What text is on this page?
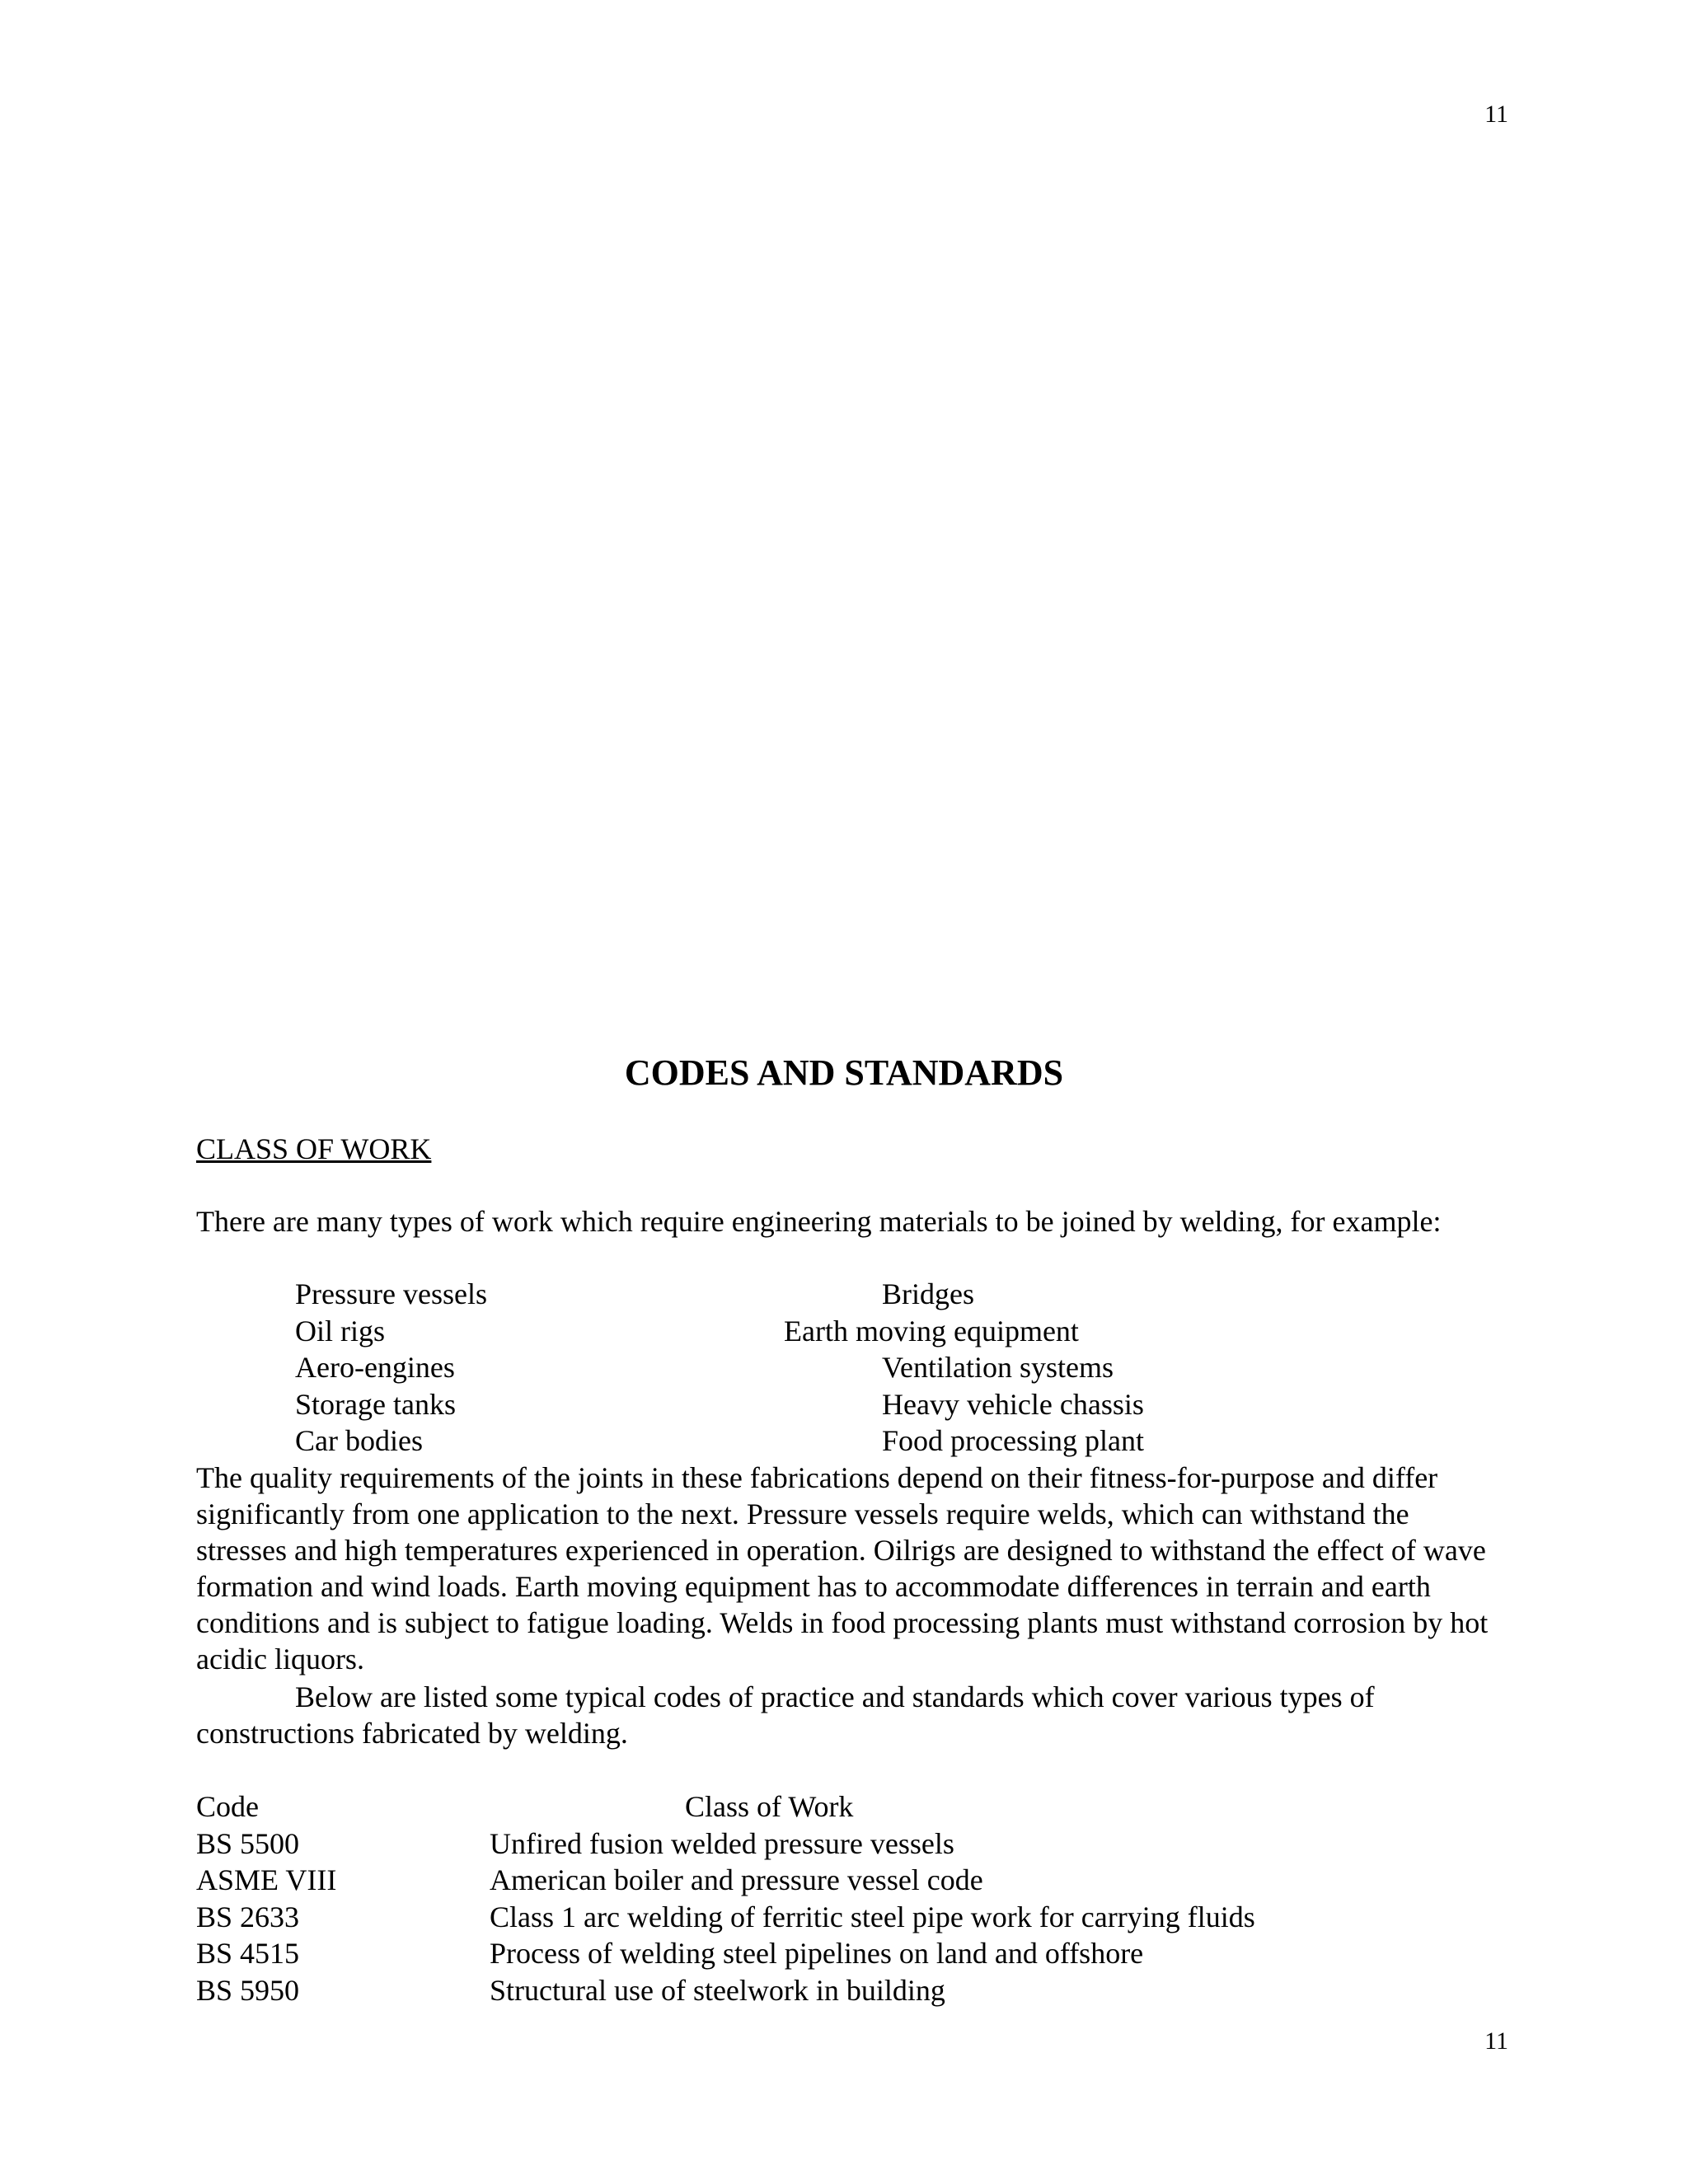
11
CODES AND STANDARDS
CLASS OF WORK
There are many types of work which require engineering materials to be joined by welding, for example:
Pressure vessels	Bridges
Oil rigs	Earth moving equipment
Aero-engines	Ventilation systems
Storage tanks	Heavy vehicle chassis
Car bodies	Food processing plant
The quality requirements of the joints in these fabrications depend on their fitness-for-purpose and differ significantly from one application to the next. Pressure vessels require welds, which can withstand the stresses and high temperatures experienced in operation. Oilrigs are designed to withstand the effect of wave formation and wind loads. Earth moving equipment has to accommodate differences in terrain and earth conditions and is subject to fatigue loading. Welds in food processing plants must withstand corrosion by hot acidic liquors.
Below are listed some typical codes of practice and standards which cover various types of constructions fabricated by welding.
Code	Class of Work
BS 5500	Unfired fusion welded pressure vessels
ASME VIII	American boiler and pressure vessel code
BS 2633	Class 1 arc welding of ferritic steel pipe work for carrying fluids
BS 4515	Process of welding steel pipelines on land and offshore
BS 5950	Structural use of steelwork in building
11
